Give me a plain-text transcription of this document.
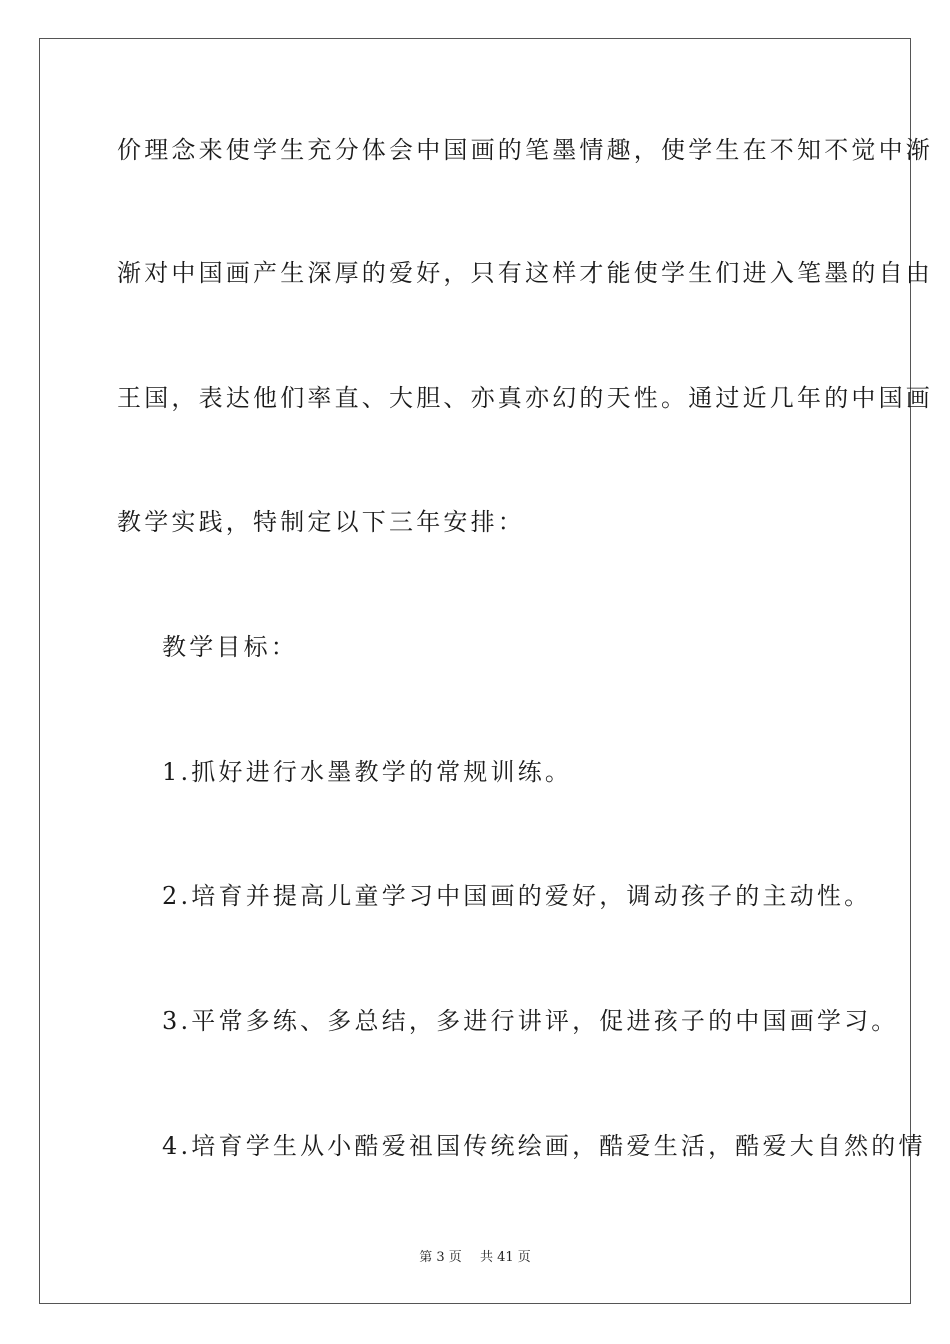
价理念来使学生充分体会中国画的笔墨情趣，使学生在不知不觉中渐
渐对中国画产生深厚的爱好，只有这样才能使学生们进入笔墨的自由
王国，表达他们率直、大胆、亦真亦幻的天性。通过近几年的中国画
教学实践，特制定以下三年安排：
教学目标：
1.抓好进行水墨教学的常规训练。
2.培育并提高儿童学习中国画的爱好，调动孩子的主动性。
3.平常多练、多总结，多进行讲评，促进孩子的中国画学习。
4.培育学生从小酷爱祖国传统绘画，酷爱生活，酷爱大自然的情
第 3 页 共 41 页
